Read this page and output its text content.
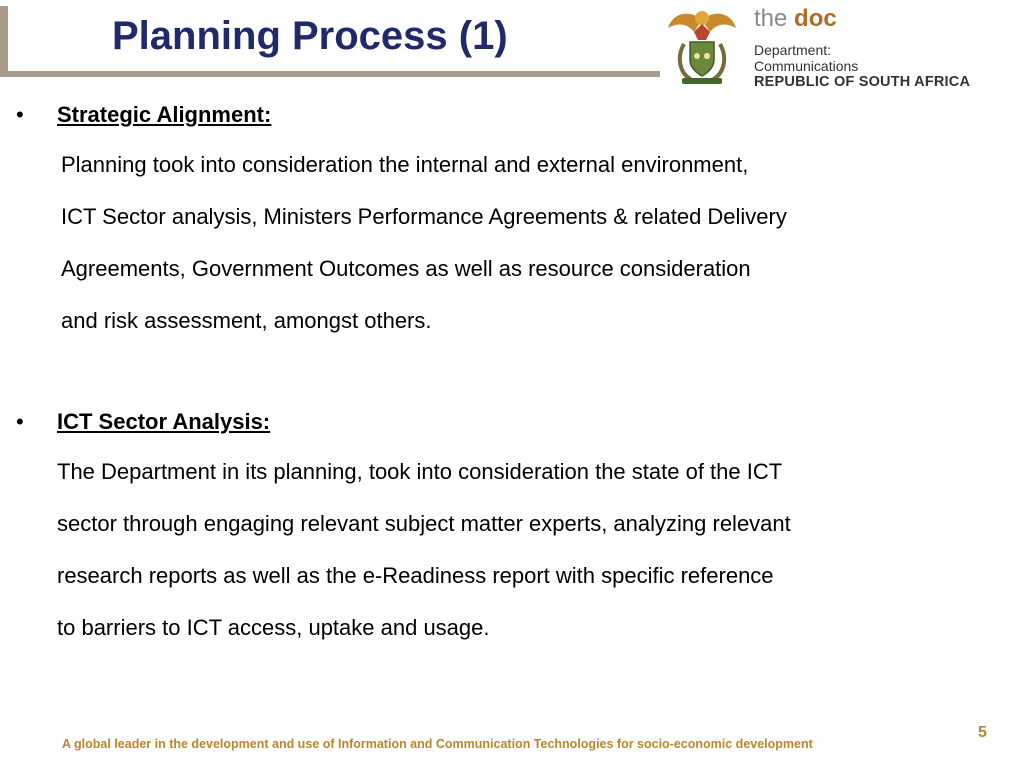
Planning Process (1)	the doc
Department:
Communications
REPUBLIC OF SOUTH AFRICA
• Strategic Alignment:
Planning took into consideration the internal and external environment,
ICT Sector analysis, Ministers Performance Agreements & related Delivery
Agreements, Government Outcomes as well as resource consideration
and risk assessment, amongst others.
• ICT Sector Analysis:
The Department in its planning, took into consideration the state of the ICT
sector through engaging relevant subject matter experts, analyzing relevant
research reports as well as the e-Readiness report with specific reference
to barriers to ICT access, uptake and usage.
A global leader in the development and use of Information and Communication Technologies for socio-economic development
5
